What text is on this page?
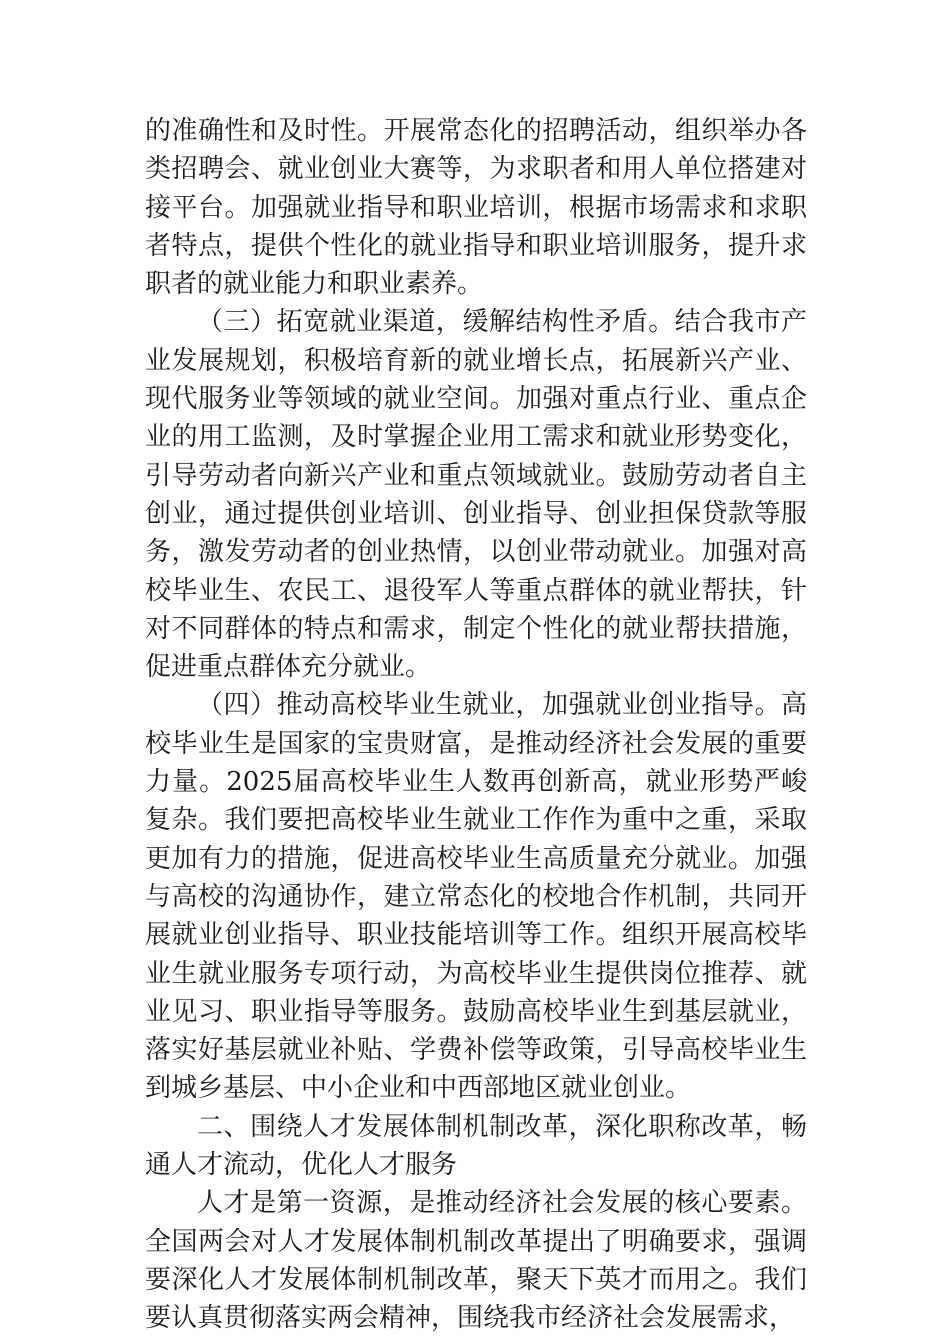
的准确性和及时性。开展常态化的招聘活动，组织举办各类招聘会、就业创业大赛等，为求职者和用人单位搭建对接平台。加强就业指导和职业培训，根据市场需求和求职者特点，提供个性化的就业指导和职业培训服务，提升求职者的就业能力和职业素养。

（三）拓宽就业渠道，缓解结构性矛盾。结合我市产业发展规划，积极培育新的就业增长点，拓展新兴产业、现代服务业等领域的就业空间。加强对重点行业、重点企业的用工监测，及时掌握企业用工需求和就业形势变化，引导劳动者向新兴产业和重点领域就业。鼓励劳动者自主创业，通过提供创业培训、创业指导、创业担保贷款等服务，激发劳动者的创业热情，以创业带动就业。加强对高校毕业生、农民工、退役军人等重点群体的就业帮扶，针对不同群体的特点和需求，制定个性化的就业帮扶措施，促进重点群体充分就业。

（四）推动高校毕业生就业，加强就业创业指导。高校毕业生是国家的宝贵财富，是推动经济社会发展的重要力量。2025届高校毕业生人数再创新高，就业形势严峻复杂。我们要把高校毕业生就业工作作为重中之重，采取更加有力的措施，促进高校毕业生高质量充分就业。加强与高校的沟通协作，建立常态化的校地合作机制，共同开展就业创业指导、职业技能培训等工作。组织开展高校毕业生就业服务专项行动，为高校毕业生提供岗位推荐、就业见习、职业指导等服务。鼓励高校毕业生到基层就业，落实好基层就业补贴、学费补偿等政策，引导高校毕业生到城乡基层、中小企业和中西部地区就业创业。

二、围绕人才发展体制机制改革，深化职称改革，畅通人才流动，优化人才服务

人才是第一资源，是推动经济社会发展的核心要素。全国两会对人才发展体制机制改革提出了明确要求，强调要深化人才发展体制机制改革，聚天下英才而用之。我们要认真贯彻落实两会精神，围绕我市经济社会发展需求，
